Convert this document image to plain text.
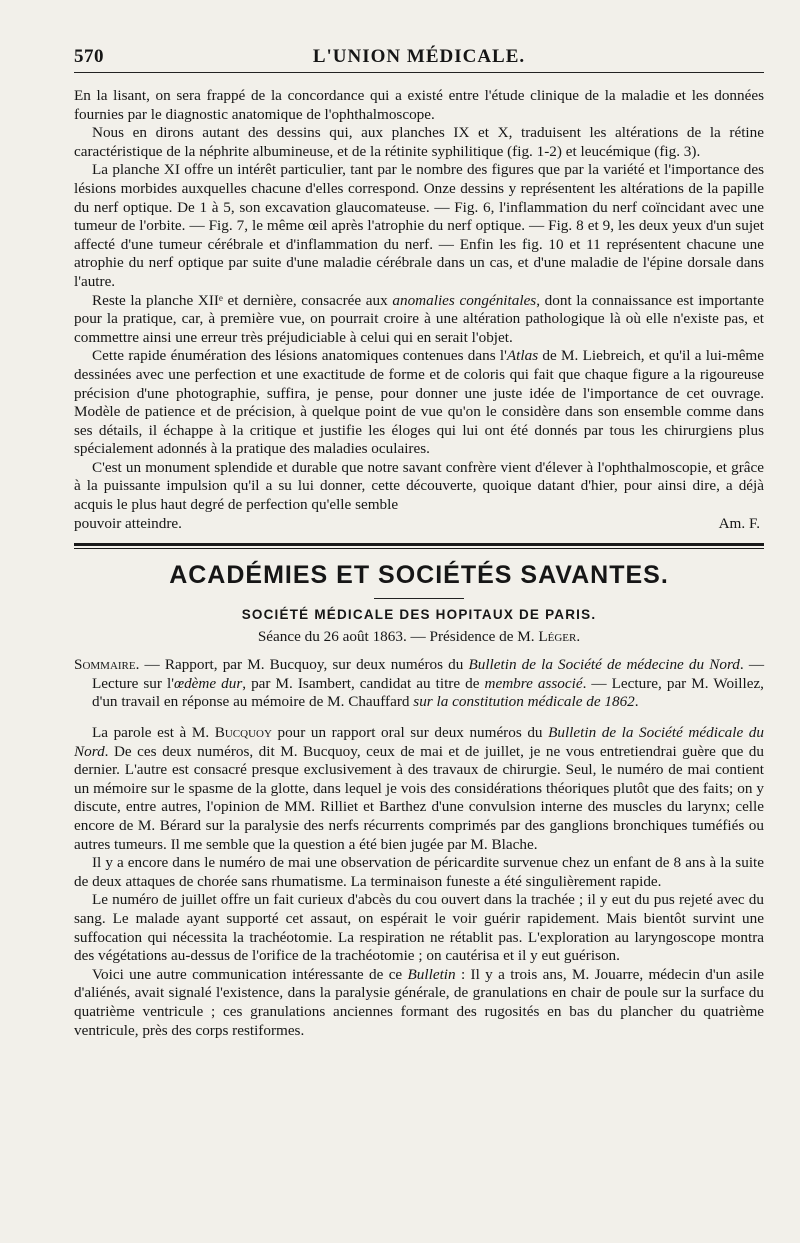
570	L'UNION MÉDICALE.

En la lisant, on sera frappé de la concordance qui a existé entre l'étude clinique de la maladie et les données fournies par le diagnostic anatomique de l'ophthalmoscope.

Nous en dirons autant des dessins qui, aux planches IX et X, traduisent les altérations de la rétine caractéristique de la néphrite albumineuse, et de la rétinite syphilitique (fig. 1-2) et leucémique (fig. 3).

La planche XI offre un intérêt particulier, tant par le nombre des figures que par la variété et l'importance des lésions morbides auxquelles chacune d'elles correspond. Onze dessins y représentent les altérations de la papille du nerf optique. De 1 à 5, son excavation glaucomateuse. — Fig. 6, l'inflammation du nerf coïncidant avec une tumeur de l'orbite. — Fig. 7, le même œil après l'atrophie du nerf optique. — Fig. 8 et 9, les deux yeux d'un sujet affecté d'une tumeur cérébrale et d'inflammation du nerf. — Enfin les fig. 10 et 11 représentent chacune une atrophie du nerf optique par suite d'une maladie cérébrale dans un cas, et d'une maladie de l'épine dorsale dans l'autre.

Reste la planche XIIᵉ et dernière, consacrée aux anomalies congénitales, dont la connaissance est importante pour la pratique, car, à première vue, on pourrait croire à une altération pathologique là où elle n'existe pas, et commettre ainsi une erreur très préjudiciable à celui qui en serait l'objet.

Cette rapide énumération des lésions anatomiques contenues dans l'Atlas de M. Liebreich, et qu'il a lui-même dessinées avec une perfection et une exactitude de forme et de coloris qui fait que chaque figure a la rigoureuse précision d'une photographie, suffira, je pense, pour donner une juste idée de l'importance de cet ouvrage. Modèle de patience et de précision, à quelque point de vue qu'on le considère dans son ensemble comme dans ses détails, il échappe à la critique et justifie les éloges qui lui ont été donnés par tous les chirurgiens plus spécialement adonnés à la pratique des maladies oculaires.

C'est un monument splendide et durable que notre savant confrère vient d'élever à l'ophthalmoscopie, et grâce à la puissante impulsion qu'il a su lui donner, cette découverte, quoique datant d'hier, pour ainsi dire, a déjà acquis le plus haut degré de perfection qu'elle semble

pouvoir atteindre.	Am. F.

ACADÉMIES ET SOCIÉTÉS SAVANTES.
SOCIÉTÉ MÉDICALE DES HOPITAUX DE PARIS.
Séance du 26 août 1863. — Présidence de M. Léger.

Sommaire. — Rapport, par M. Bucquoy, sur deux numéros du Bulletin de la Société de médecine du Nord. — Lecture sur l'œdème dur, par M. Isambert, candidat au titre de membre associé. — Lecture, par M. Woillez, d'un travail en réponse au mémoire de M. Chauffard sur la constitution médicale de 1862.

La parole est à M. Bucquoy pour un rapport oral sur deux numéros du Bulletin de la Société médicale du Nord. De ces deux numéros, dit M. Bucquoy, ceux de mai et de juillet, je ne vous entretiendrai guère que du dernier. L'autre est consacré presque exclusivement à des travaux de chirurgie. Seul, le numéro de mai contient un mémoire sur le spasme de la glotte, dans lequel je vois des considérations théoriques plutôt que des faits; on y discute, entre autres, l'opinion de MM. Rilliet et Barthez d'une convulsion interne des muscles du larynx; celle encore de M. Bérard sur la paralysie des nerfs récurrents comprimés par des ganglions bronchiques tuméfiés ou autres tumeurs. Il me semble que la question a été bien jugée par M. Blache.

Il y a encore dans le numéro de mai une observation de péricardite survenue chez un enfant de 8 ans à la suite de deux attaques de chorée sans rhumatisme. La terminaison funeste a été singulièrement rapide.

Le numéro de juillet offre un fait curieux d'abcès du cou ouvert dans la trachée ; il y eut du pus rejeté avec du sang. Le malade ayant supporté cet assaut, on espérait le voir guérir rapidement. Mais bientôt survint une suffocation qui nécessita la trachéotomie. La respiration ne rétablit pas. L'exploration au laryngoscope montra des végétations au-dessus de l'orifice de la trachéotomie ; on cautérisa et il y eut guérison.

Voici une autre communication intéressante de ce Bulletin : Il y a trois ans, M. Jouarre, médecin d'un asile d'aliénés, avait signalé l'existence, dans la paralysie générale, de granulations en chair de poule sur la surface du quatrième ventricule ; ces granulations anciennes formant des rugosités en bas du plancher du quatrième ventricule, près des corps restiformes.
